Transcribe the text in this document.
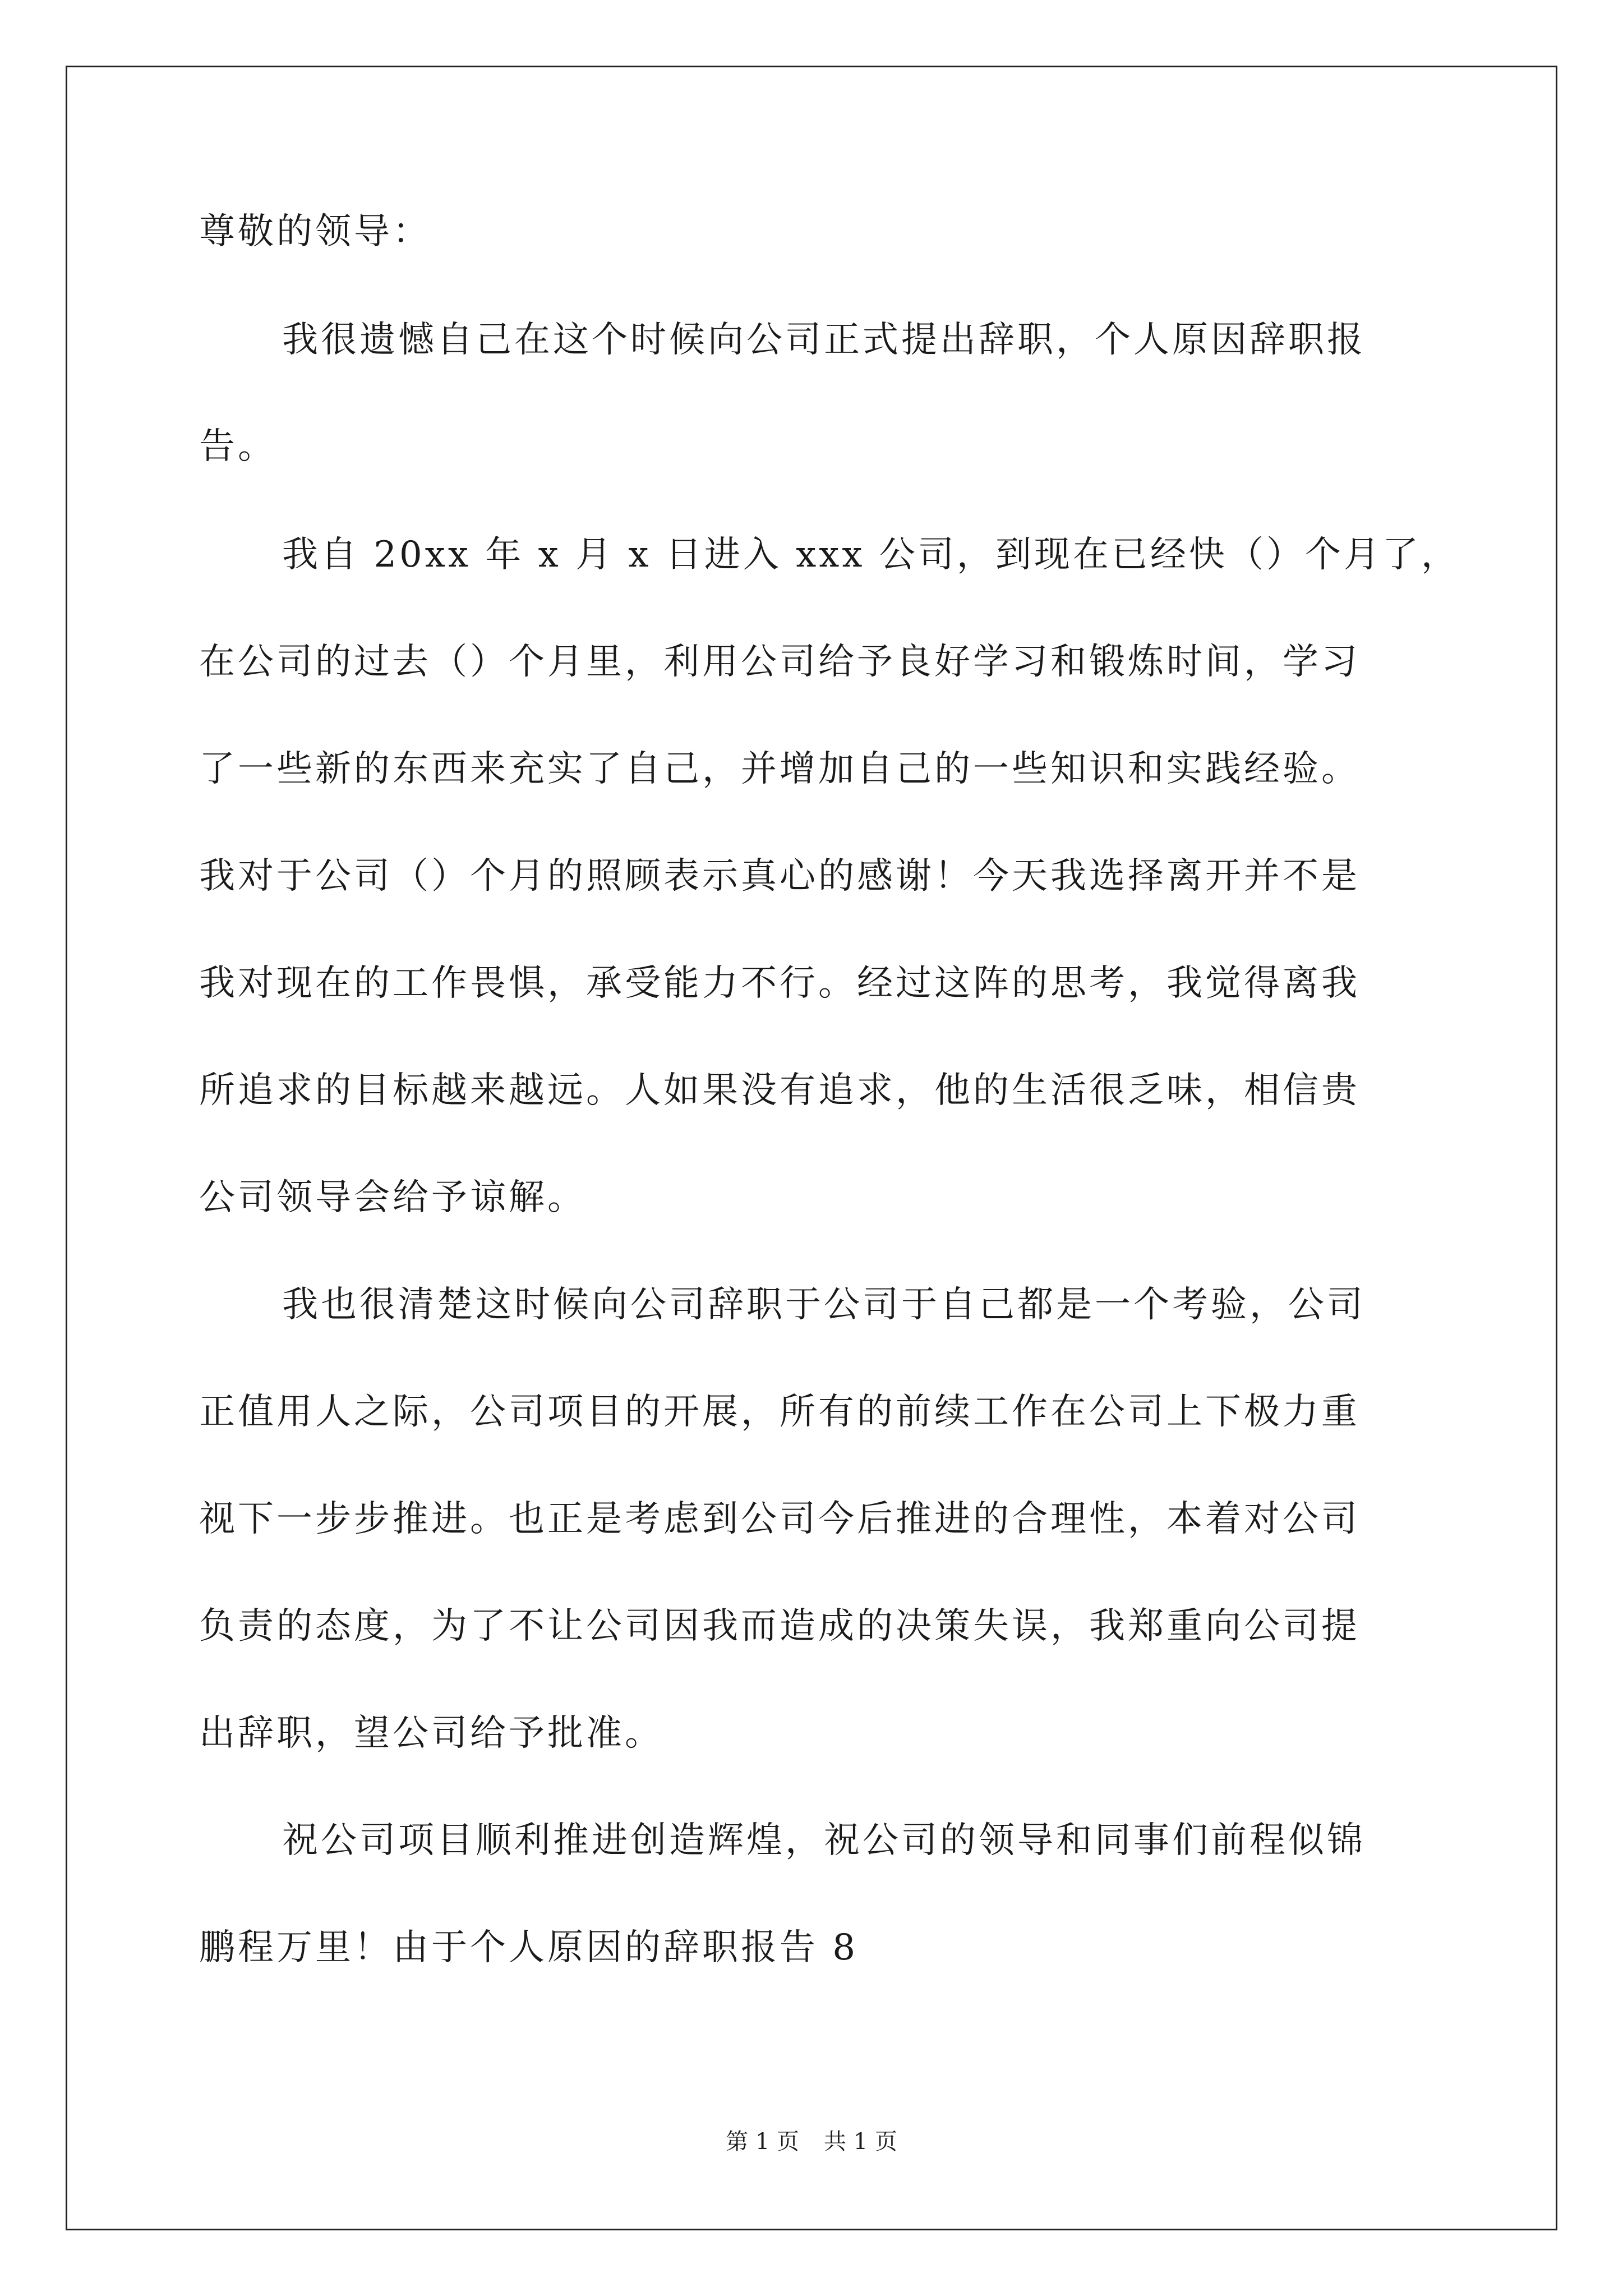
尊敬的领导：
我很遗憾自己在这个时候向公司正式提出辞职，个人原因辞职报
告。
我自 20xx 年 x 月 x 日进入 xxx 公司，到现在已经快（）个月了，
在公司的过去（）个月里，利用公司给予良好学习和锻炼时间，学习
了一些新的东西来充实了自己，并增加自己的一些知识和实践经验。
我对于公司（）个月的照顾表示真心的感谢！今天我选择离开并不是
我对现在的工作畏惧，承受能力不行。经过这阵的思考，我觉得离我
所追求的目标越来越远。人如果没有追求，他的生活很乏味，相信贵
公司领导会给予谅解。
我也很清楚这时候向公司辞职于公司于自己都是一个考验，公司
正值用人之际，公司项目的开展，所有的前续工作在公司上下极力重
视下一步步推进。也正是考虑到公司今后推进的合理性，本着对公司
负责的态度，为了不让公司因我而造成的决策失误，我郑重向公司提
出辞职，望公司给予批准。
祝公司项目顺利推进创造辉煌，祝公司的领导和同事们前程似锦
鹏程万里！由于个人原因的辞职报告 8
第 1 页 共 1 页
